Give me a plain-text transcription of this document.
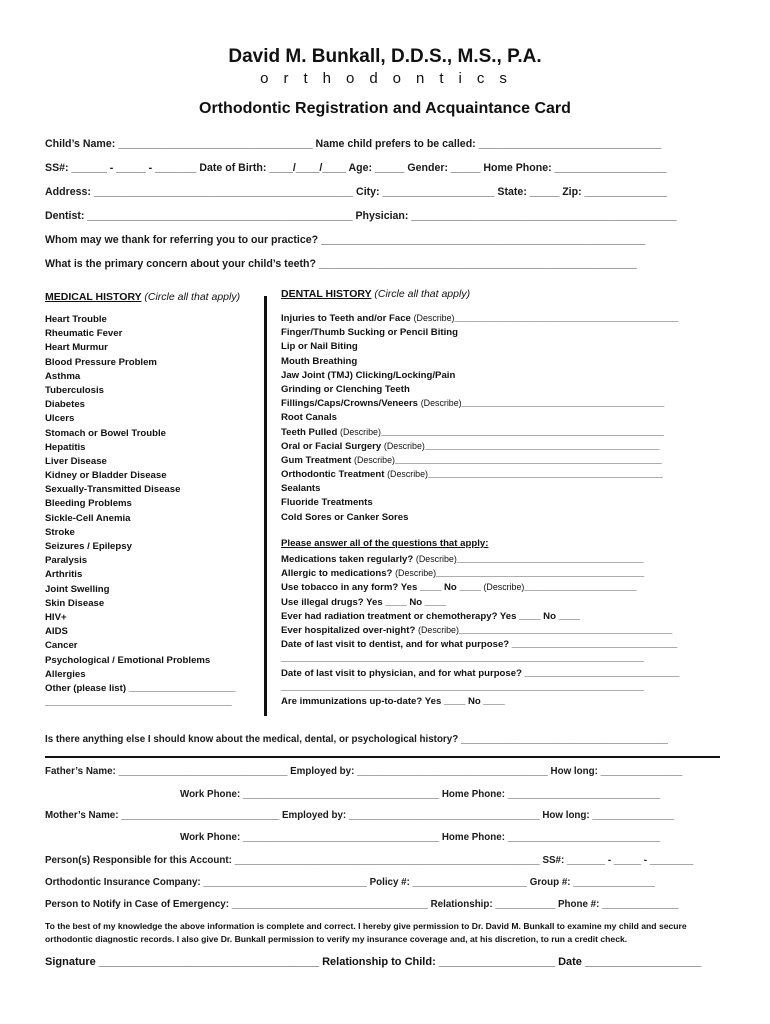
David M. Bunkall, D.D.S., M.S., P.A.
orthodontics
Orthodontic Registration and Acquaintance Card
Child’s Name: _________________________________ Name child prefers to be called: _______________________________
SS#: ______ - _____ - _______ Date of Birth: ____/____/____ Age: _____ Gender: _____ Home Phone: ___________________
Address: ____________________________________________ City: ___________________ State: _____ Zip: ______________
Dentist: _____________________________________________ Physician: _____________________________________________
Whom may we thank for referring you to our practice? _______________________________________________________
What is the primary concern about your child’s teeth? ______________________________________________________
MEDICAL HISTORY (Circle all that apply)	DENTAL HISTORY (Circle all that apply)
Heart Trouble
Rheumatic Fever
Heart Murmur
Blood Pressure Problem
Asthma
Tuberculosis
Diabetes
Ulcers
Stomach or Bowel Trouble
Hepatitis
Liver Disease
Kidney or Bladder Disease
Sexually-Transmitted Disease
Bleeding Problems
Sickle-Cell Anemia
Stroke
Seizures / Epilepsy
Paralysis
Arthritis
Joint Swelling
Skin Disease
HIV+
AIDS
Cancer
Psychological / Emotional Problems
Allergies
Other (please list) ____________________
___________________________________
Injuries to Teeth and/or Face (Describe)__________________________________________
Finger/Thumb Sucking or Pencil Biting
Lip or Nail Biting
Mouth Breathing
Jaw Joint (TMJ) Clicking/Locking/Pain
Grinding or Clenching Teeth
Fillings/Caps/Crowns/Veneers (Describe)______________________________________
Root Canals
Teeth Pulled (Describe)_____________________________________________________
Oral or Facial Surgery (Describe)____________________________________________
Gum Treatment (Describe)__________________________________________________
Orthodontic Treatment (Describe)____________________________________________
Sealants
Fluoride Treatments
Cold Sores or Canker Sores
Please answer all of the questions that apply:
Medications taken regularly? (Describe)___________________________________
Allergic to medications? (Describe)_______________________________________
Use tobacco in any form? Yes ____ No ____ (Describe)_____________________
Use illegal drugs? Yes ____ No ____
Ever had radiation treatment or chemotherapy? Yes ____ No ____
Ever hospitalized over-night? (Describe)________________________________________
Date of last visit to dentist, and for what purpose? _______________________________
____________________________________________________________________
Date of last visit to physician, and for what purpose? _____________________________
____________________________________________________________________
Are immunizations up-to-date? Yes ____ No ____
Is there anything else I should know about the medical, dental, or psychological history? ______________________________________
Father’s Name: _______________________________ Employed by: ___________________________________ How long: _______________
Work Phone: ____________________________________ Home Phone: ____________________________
Mother’s Name: _____________________________ Employed by: ___________________________________ How long: _______________
Work Phone: ____________________________________ Home Phone: ____________________________
Person(s) Responsible for this Account: ________________________________________________________ SS#: _______ - _____ - ________
Orthodontic Insurance Company: ______________________________ Policy #: _____________________ Group #: _______________
Person to Notify in Case of Emergency: ____________________________________ Relationship: ___________ Phone #: ______________
To the best of my knowledge the above information is complete and correct. I hereby give permission to Dr. David M. Bunkall to examine my child and secure orthodontic diagnostic records. I also give Dr. Bunkall permission to verify my insurance coverage and, at his discretion, to run a credit check.
Signature ____________________________________ Relationship to Child: ___________________ Date ___________________
